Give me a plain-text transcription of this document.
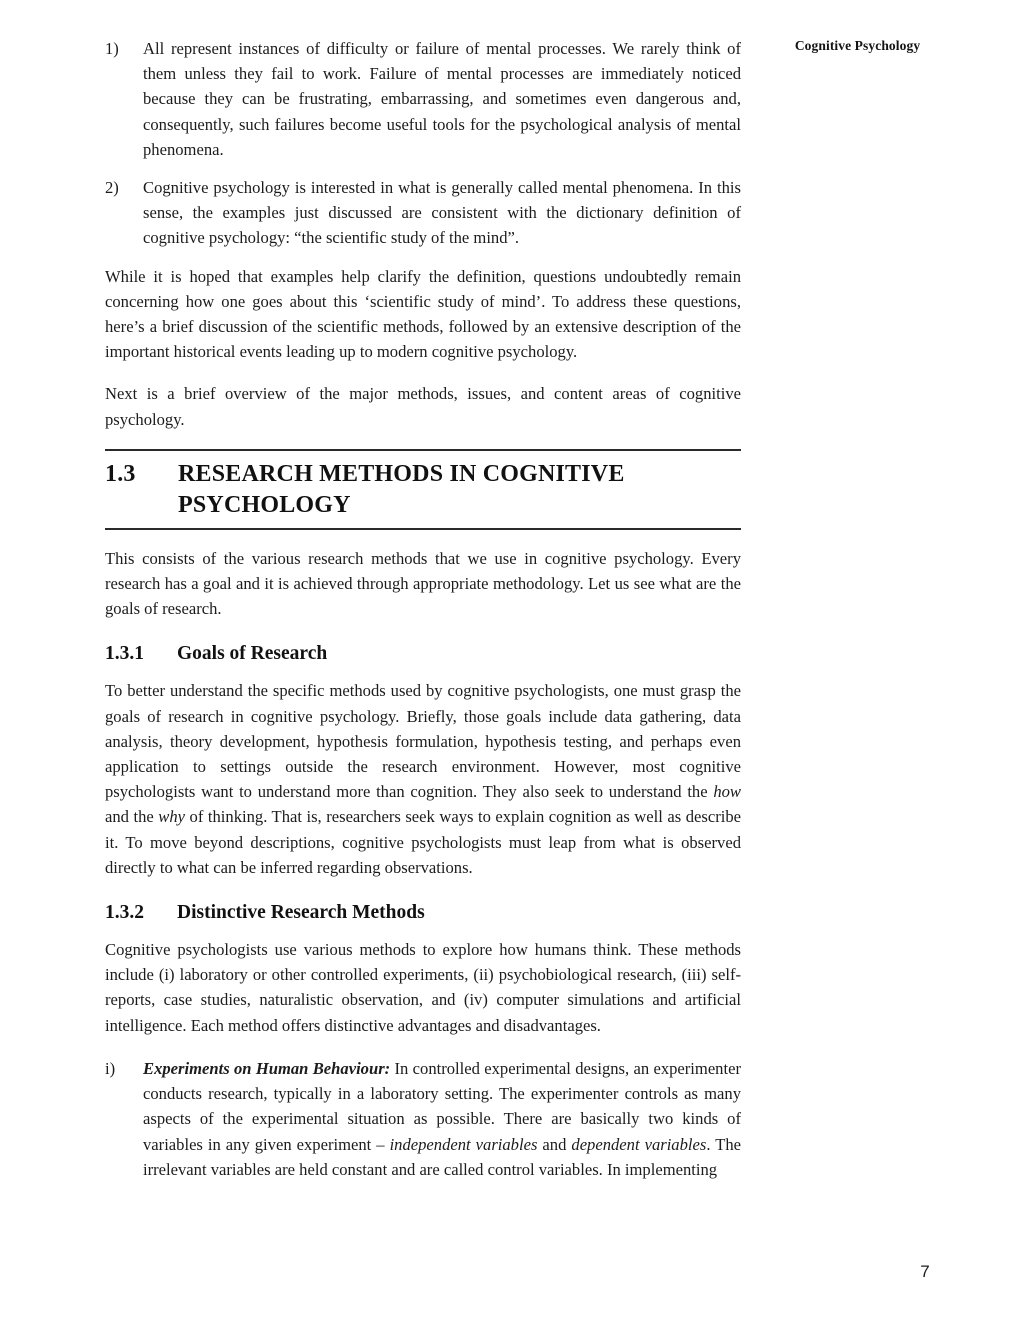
Cognitive Psychology
1) All represent instances of difficulty or failure of mental processes. We rarely think of them unless they fail to work. Failure of mental processes are immediately noticed because they can be frustrating, embarrassing, and sometimes even dangerous and, consequently, such failures become useful tools for the psychological analysis of mental phenomena.

2) Cognitive psychology is interested in what is generally called mental phenomena. In this sense, the examples just discussed are consistent with the dictionary definition of cognitive psychology: “the scientific study of the mind”.

While it is hoped that examples help clarify the definition, questions undoubtedly remain concerning how one goes about this ‘scientific study of mind’. To address these questions, here’s a brief discussion of the scientific methods, followed by an extensive description of the important historical events leading up to modern cognitive psychology.

Next is a brief overview of the major methods, issues, and content areas of cognitive psychology.

1.3	RESEARCH METHODS IN COGNITIVE PSYCHOLOGY

This consists of the various research methods that we use in cognitive psychology. Every research has a goal and it is achieved through appropriate methodology. Let us see what are the goals of research.

1.3.1 Goals of Research

To better understand the specific methods used by cognitive psychologists, one must grasp the goals of research in cognitive psychology. Briefly, those goals include data gathering, data analysis, theory development, hypothesis formulation, hypothesis testing, and perhaps even application to settings outside the research environment. However, most cognitive psychologists want to understand more than cognition. They also seek to understand the how and the why of thinking. That is, researchers seek ways to explain cognition as well as describe it. To move beyond descriptions, cognitive psychologists must leap from what is observed directly to what can be inferred regarding observations.

1.3.2 Distinctive Research Methods

Cognitive psychologists use various methods to explore how humans think. These methods include (i) laboratory or other controlled experiments, (ii) psychobiological research, (iii) self-reports, case studies, naturalistic observation, and (iv) computer simulations and artificial intelligence. Each method offers distinctive advantages and disadvantages.

i) Experiments on Human Behaviour: In controlled experimental designs, an experimenter conducts research, typically in a laboratory setting. The experimenter controls as many aspects of the experimental situation as possible. There are basically two kinds of variables in any given experiment – independent variables and dependent variables. The irrelevant variables are held constant and are called control variables. In implementing

7
